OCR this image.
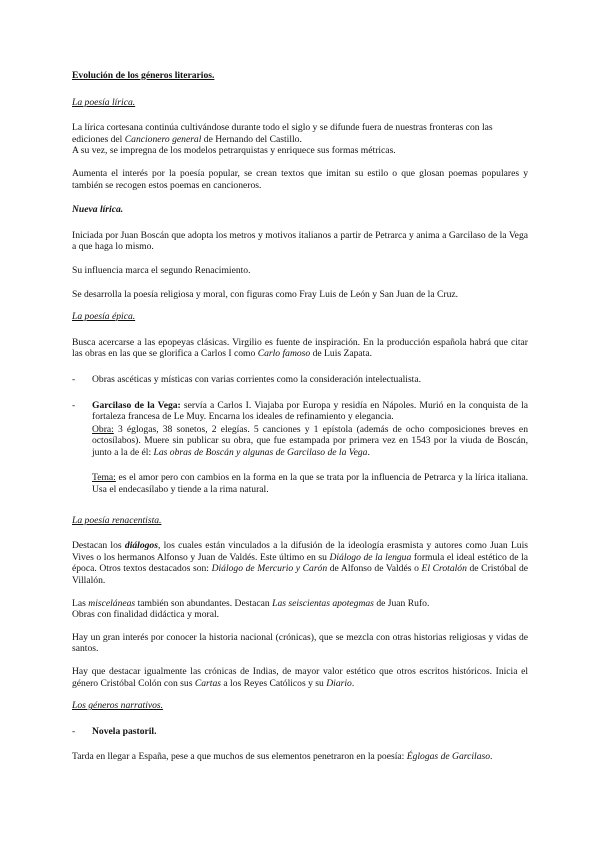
Evolución de los géneros literarios.

La poesía lírica.

La lírica cortesana continúa cultivándose durante todo el siglo y se difunde fuera de nuestras fronteras con las ediciones del Cancionero general de Hernando del Castillo.
A su vez, se impregna de los modelos petrarquistas y enriquece sus formas métricas.

Aumenta el interés por la poesía popular, se crean textos que imitan su estilo o que glosan poemas populares y también se recogen estos poemas en cancioneros.

Nueva lírica.

Iniciada por Juan Boscán que adopta los metros y motivos italianos a partir de Petrarca y anima a Garcilaso de la Vega a que haga lo mismo.

Su influencia marca el segundo Renacimiento.

Se desarrolla la poesía religiosa y moral, con figuras como Fray Luis de León y San Juan de la Cruz.

La poesía épica.

Busca acercarse a las epopeyas clásicas. Virgilio es fuente de inspiración. En la producción española habrá que citar las obras en las que se glorifica a Carlos I como Carlo famoso de Luis Zapata.

- Obras ascéticas y místicas con varias corrientes como la consideración intelectualista.

- Garcilaso de la Vega: servía a Carlos I. Viajaba por Europa y residía en Nápoles. Murió en la conquista de la fortaleza francesa de Le Muy. Encarna los ideales de refinamiento y elegancia.

Obra: 3 églogas, 38 sonetos, 2 elegías. 5 canciones y 1 epístola (además de ocho composiciones breves en octosílabos). Muere sin publicar su obra, que fue estampada por primera vez en 1543 por la viuda de Boscán, junto a la de él: Las obras de Boscán y algunas de Garcilaso de la Vega.

Tema: es el amor pero con cambios en la forma en la que se trata por la influencia de Petrarca y la lírica italiana. Usa el endecasílabo y tiende a la rima natural.

La poesía renacentista.

Destacan los diálogos, los cuales están vinculados a la difusión de la ideología erasmista y autores como Juan Luis Vives o los hermanos Alfonso y Juan de Valdés. Este último en su Diálogo de la lengua formula el ideal estético de la época. Otros textos destacados son: Diálogo de Mercurio y Carón de Alfonso de Valdés o El Crotalón de Cristóbal de Villalón.

Las misceláneas también son abundantes. Destacan Las seiscientas apotegmas de Juan Rufo.
Obras con finalidad didáctica y moral.

Hay un gran interés por conocer la historia nacional (crónicas), que se mezcla con otras historias religiosas y vidas de santos.

Hay que destacar igualmente las crónicas de Indias, de mayor valor estético que otros escritos históricos. Inicia el género Cristóbal Colón con sus Cartas a los Reyes Católicos y su Diario.

Los géneros narrativos.

- Novela pastoril.

Tarda en llegar a España, pese a que muchos de sus elementos penetraron en la poesía: Églogas de Garcilaso.
